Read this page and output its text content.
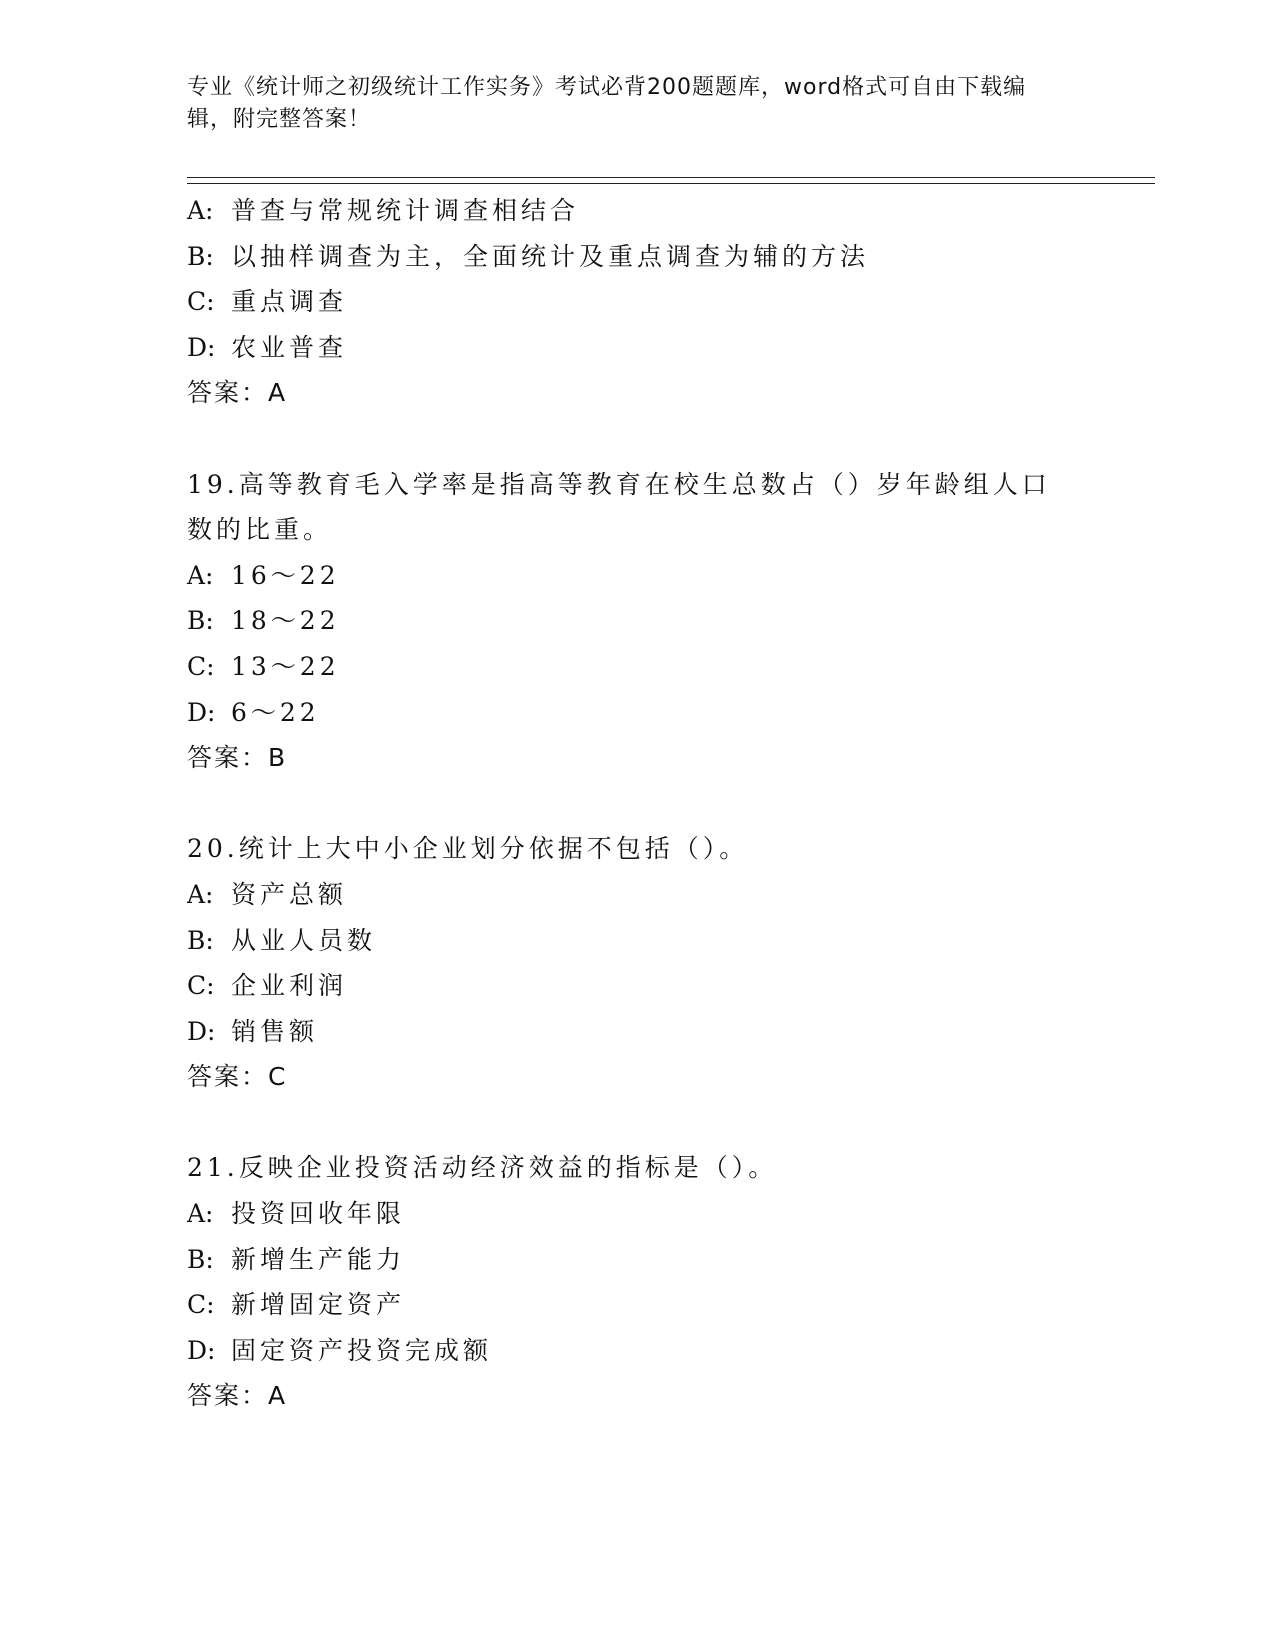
专业《统计师之初级统计工作实务》考试必背200题题库，word格式可自由下载编辑，附完整答案！
A: 普查与常规统计调查相结合
B: 以抽样调查为主，全面统计及重点调查为辅的方法
C: 重点调查
D: 农业普查
答案：A
19.高等教育毛入学率是指高等教育在校生总数占（）岁年龄组人口数的比重。
A: 16～22
B: 18～22
C: 13～22
D: 6～22
答案：B
20.统计上大中小企业划分依据不包括（）。
A: 资产总额
B: 从业人员数
C: 企业利润
D: 销售额
答案：C
21.反映企业投资活动经济效益的指标是（）。
A: 投资回收年限
B: 新增生产能力
C: 新增固定资产
D: 固定资产投资完成额
答案：A
